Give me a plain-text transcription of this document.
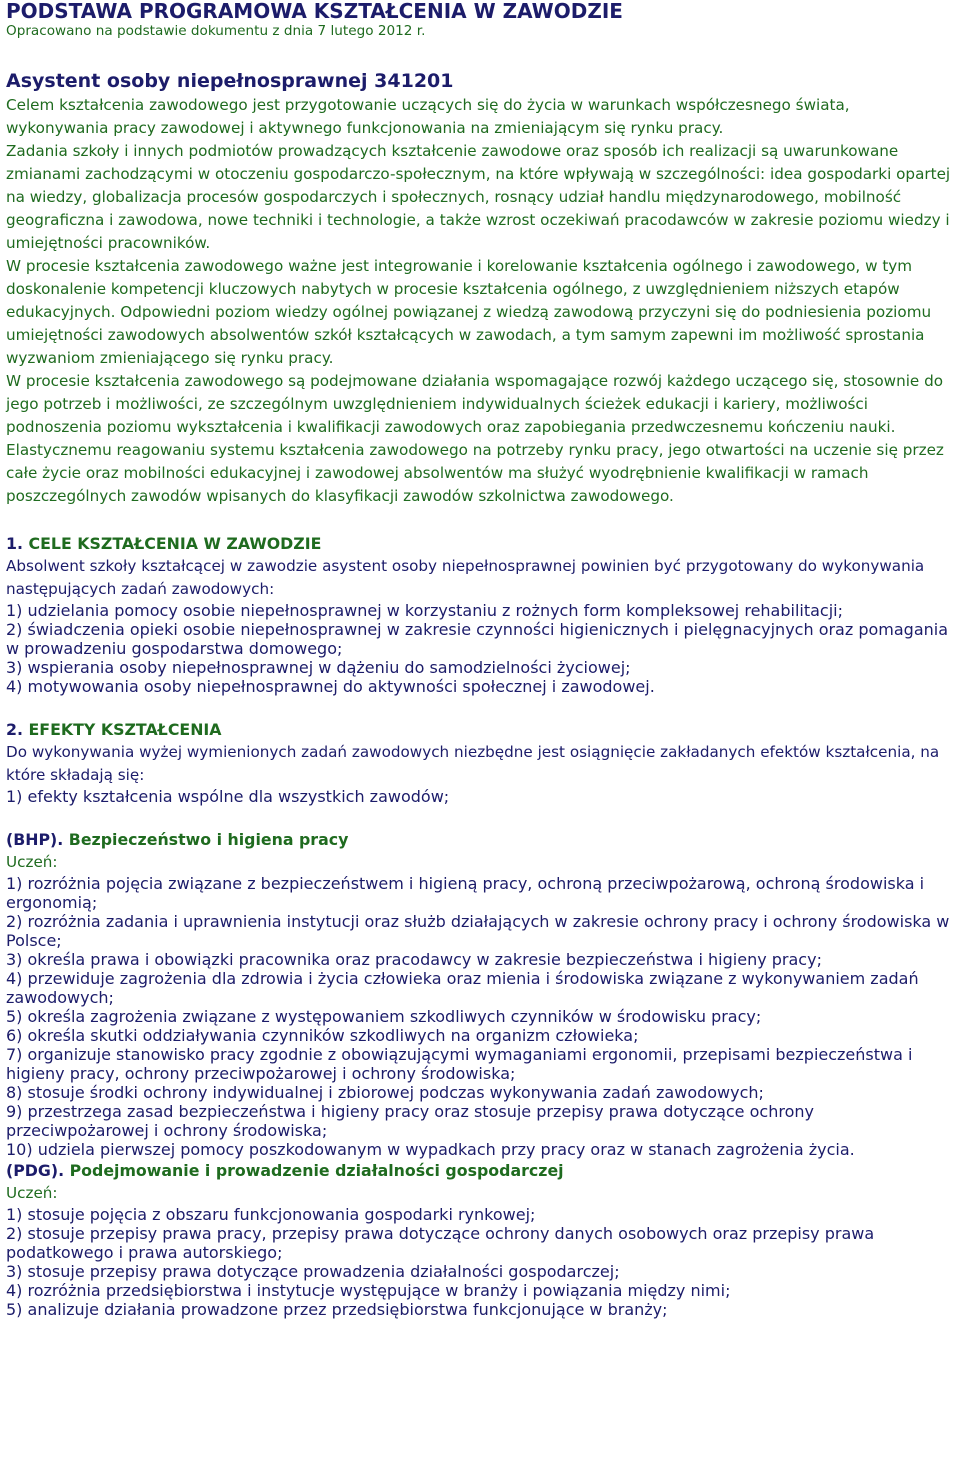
PODSTAWA PROGRAMOWA KSZTAŁCENIA W ZAWODZIE
Opracowano na podstawie dokumentu z dnia 7 lutego 2012 r.
Asystent osoby niepełnosprawnej 341201

Celem kształcenia zawodowego jest przygotowanie uczących się do życia w warunkach współczesnego świata, wykonywania pracy zawodowej i aktywnego funkcjonowania na zmieniającym się rynku pracy.

Zadania szkoły i innych podmiotów prowadzących kształcenie zawodowe oraz sposób ich realizacji są uwarunkowane zmianami zachodzącymi w otoczeniu gospodarczo-społecznym, na które wpływają w szczególności: idea gospodarki opartej na wiedzy, globalizacja procesów gospodarczych i społecznych, rosnący udział handlu międzynarodowego, mobilność geograficzna i zawodowa, nowe techniki i technologie, a także wzrost oczekiwań pracodawców w zakresie poziomu wiedzy i umiejętności pracowników.

W procesie kształcenia zawodowego ważne jest integrowanie i korelowanie kształcenia ogólnego i zawodowego, w tym doskonalenie kompetencji kluczowych nabytych w procesie kształcenia ogólnego, z uwzględnieniem niższych etapów edukacyjnych. Odpowiedni poziom wiedzy ogólnej powiązanej z wiedzą zawodową przyczyni się do podniesienia poziomu umiejętności zawodowych absolwentów szkół kształcących w zawodach, a tym samym zapewni im możliwość sprostania wyzwaniom zmieniającego się rynku pracy.

W procesie kształcenia zawodowego są podejmowane działania wspomagające rozwój każdego uczącego się, stosownie do jego potrzeb i możliwości, ze szczególnym uwzględnieniem indywidualnych ścieżek edukacji i kariery, możliwości podnoszenia poziomu wykształcenia i kwalifikacji zawodowych oraz zapobiegania przedwczesnemu kończeniu nauki.

Elastycznemu reagowaniu systemu kształcenia zawodowego na potrzeby rynku pracy, jego otwartości na uczenie się przez całe życie oraz mobilności edukacyjnej i zawodowej absolwentów ma służyć wyodrębnienie kwalifikacji w ramach poszczególnych zawodów wpisanych do klasyfikacji zawodów szkolnictwa zawodowego.

1. CELE KSZTAŁCENIA W ZAWODZIE

Absolwent szkoły kształcącej w zawodzie asystent osoby niepełnosprawnej powinien być przygotowany do wykonywania następujących zadań zawodowych:

1) udzielania pomocy osobie niepełnosprawnej w korzystaniu z rożnych form kompleksowej rehabilitacji;
2) świadczenia opieki osobie niepełnosprawnej w zakresie czynności higienicznych i pielęgnacyjnych oraz pomagania w prowadzeniu gospodarstwa domowego;
3) wspierania osoby niepełnosprawnej w dążeniu do samodzielności życiowej;
4) motywowania osoby niepełnosprawnej do aktywności społecznej i zawodowej.
2. EFEKTY KSZTAŁCENIA

Do wykonywania wyżej wymienionych zadań zawodowych niezbędne jest osiągnięcie zakładanych efektów kształcenia, na które składają się:

1) efekty kształcenia wspólne dla wszystkich zawodów;
(BHP). Bezpieczeństwo i higiena pracy
Uczeń:
1) rozróżnia pojęcia związane z bezpieczeństwem i higieną pracy, ochroną przeciwpożarową, ochroną środowiska i ergonomią;
2) rozróżnia zadania i uprawnienia instytucji oraz służb działających w zakresie ochrony pracy i ochrony środowiska w Polsce;
3) określa prawa i obowiązki pracownika oraz pracodawcy w zakresie bezpieczeństwa i higieny pracy;
4) przewiduje zagrożenia dla zdrowia i życia człowieka oraz mienia i środowiska związane z wykonywaniem zadań zawodowych;
5) określa zagrożenia związane z występowaniem szkodliwych czynników w środowisku pracy;
6) określa skutki oddziaływania czynników szkodliwych na organizm człowieka;
7) organizuje stanowisko pracy zgodnie z obowiązującymi wymaganiami ergonomii, przepisami bezpieczeństwa i higieny pracy, ochrony przeciwpożarowej i ochrony środowiska;
8) stosuje środki ochrony indywidualnej i zbiorowej podczas wykonywania zadań zawodowych;
9) przestrzega zasad bezpieczeństwa i higieny pracy oraz stosuje przepisy prawa dotyczące ochrony przeciwpożarowej i ochrony środowiska;
10) udziela pierwszej pomocy poszkodowanym w wypadkach przy pracy oraz w stanach zagrożenia życia.
(PDG). Podejmowanie i prowadzenie działalności gospodarczej
Uczeń:
1) stosuje pojęcia z obszaru funkcjonowania gospodarki rynkowej;
2) stosuje przepisy prawa pracy, przepisy prawa dotyczące ochrony danych osobowych oraz przepisy prawa podatkowego i prawa autorskiego;
3) stosuje przepisy prawa dotyczące prowadzenia działalności gospodarczej;
4) rozróżnia przedsiębiorstwa i instytucje występujące w branży i powiązania między nimi;
5) analizuje działania prowadzone przez przedsiębiorstwa funkcjonujące w branży;
